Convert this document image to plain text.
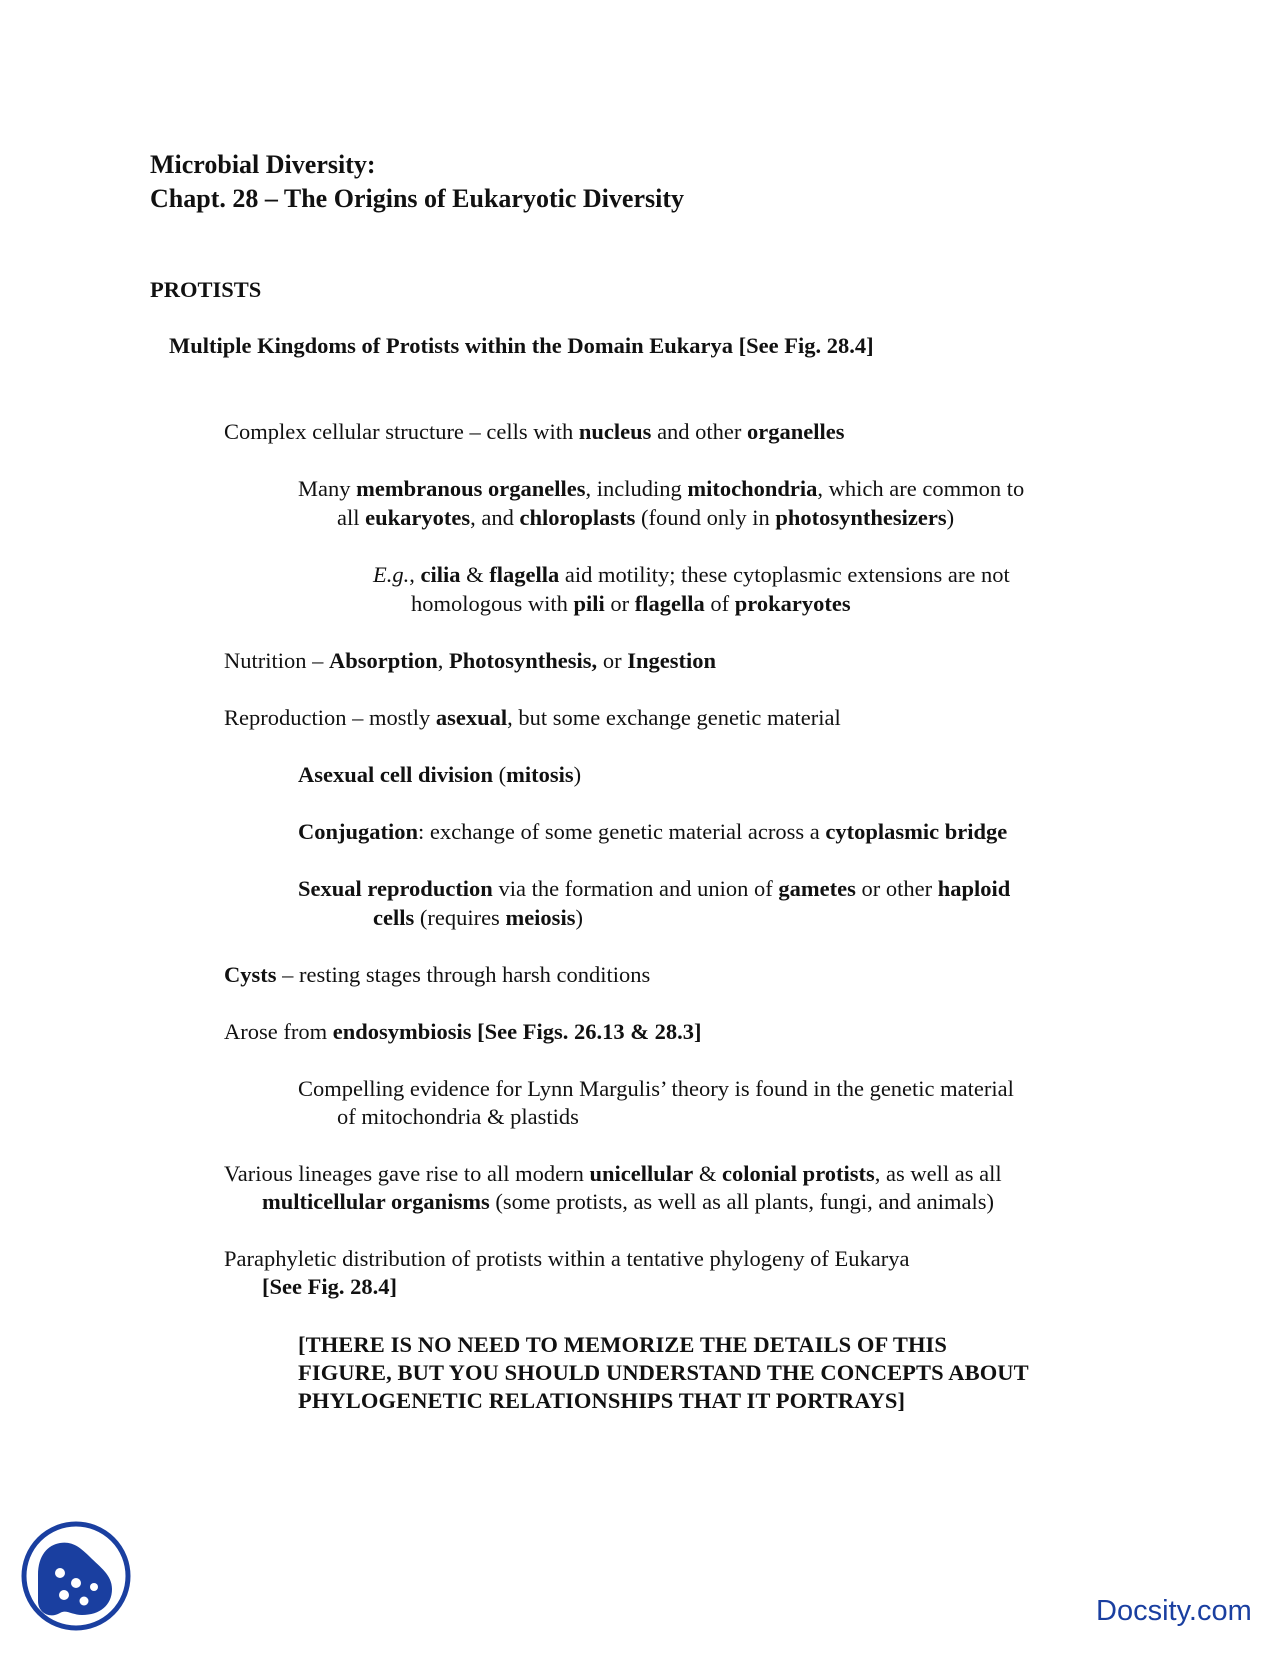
Microbial Diversity:
Chapt. 28 – The Origins of Eukaryotic Diversity
PROTISTS
Multiple Kingdoms of Protists within the Domain Eukarya [See Fig. 28.4]
Complex cellular structure – cells with nucleus and other organelles
Many membranous organelles, including mitochondria, which are common to
all eukaryotes, and chloroplasts (found only in photosynthesizers)
E.g., cilia & flagella aid motility; these cytoplasmic extensions are not
homologous with pili or flagella of prokaryotes
Nutrition – Absorption, Photosynthesis, or Ingestion
Reproduction – mostly asexual, but some exchange genetic material
Asexual cell division (mitosis)
Conjugation: exchange of some genetic material across a cytoplasmic bridge
Sexual reproduction via the formation and union of gametes or other haploid
cells (requires meiosis)
Cysts – resting stages through harsh conditions
Arose from endosymbiosis [See Figs. 26.13 & 28.3]
Compelling evidence for Lynn Margulis’ theory is found in the genetic material
of mitochondria & plastids
Various lineages gave rise to all modern unicellular & colonial protists, as well as all
multicellular organisms (some protists, as well as all plants, fungi, and animals)
Paraphyletic distribution of protists within a tentative phylogeny of Eukarya
[See Fig. 28.4]
[THERE IS NO NEED TO MEMORIZE THE DETAILS OF THIS
FIGURE, BUT YOU SHOULD UNDERSTAND THE CONCEPTS ABOUT
PHYLOGENETIC RELATIONSHIPS THAT IT PORTRAYS]
Docsity.com
